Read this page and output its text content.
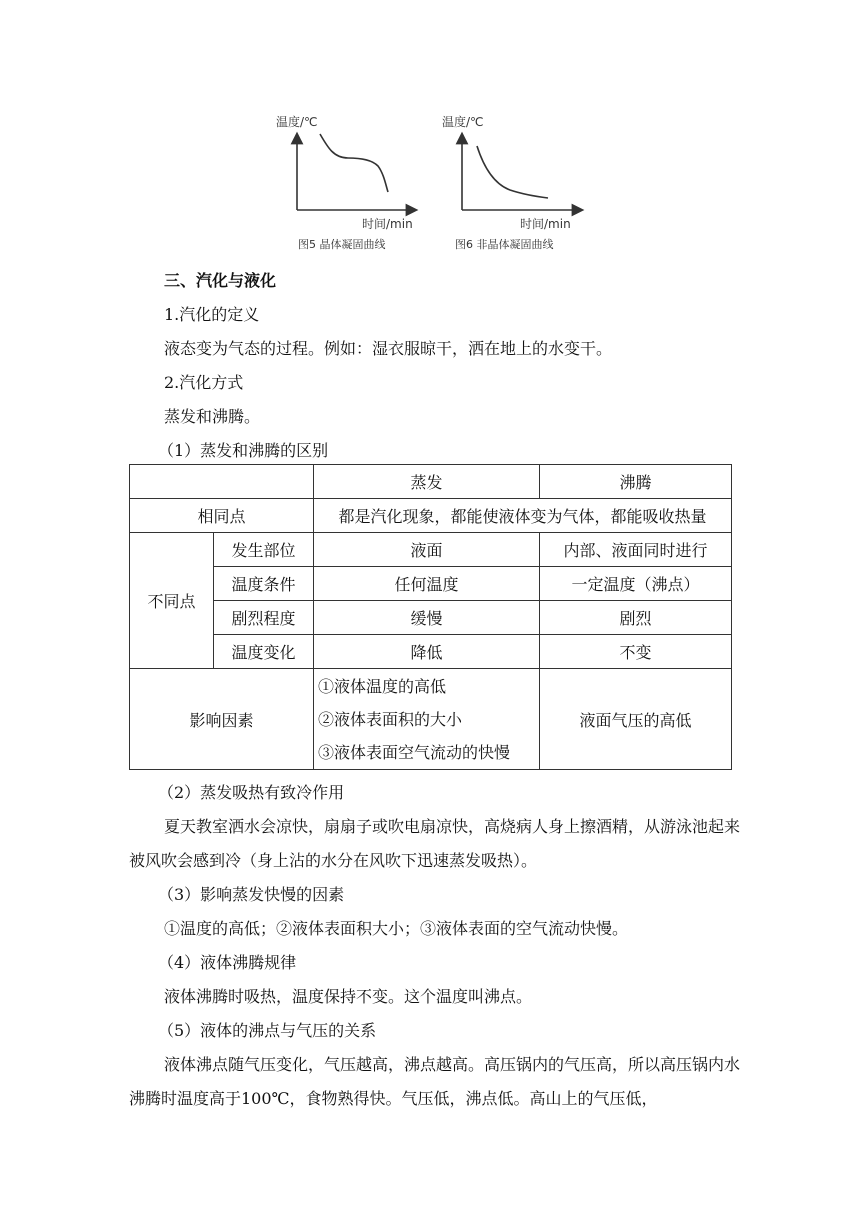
温度/℃
时间/min
图5 晶体凝固曲线
温度/℃
时间/min
图6 非晶体凝固曲线
三、汽化与液化
1.汽化的定义
液态变为气态的过程。例如：湿衣服晾干，洒在地上的水变干。
2.汽化方式
蒸发和沸腾。
（1）蒸发和沸腾的区别
		蒸发	沸腾
相同点		都是汽化现象，都能使液体变为气体，都能吸收热量	
不同点	发生部位	液面	内部、液面同时进行
	温度条件	任何温度	一定温度（沸点）
	剧烈程度	缓慢	剧烈
	温度变化	降低	不变
影响因素		①液体温度的高低
②液体表面积的大小
③液体表面空气流动的快慢	液面气压的高低
（2）蒸发吸热有致冷作用
夏天教室洒水会凉快，扇扇子或吹电扇凉快，高烧病人身上擦酒精，从游泳池起来被风吹会感到冷（身上沾的水分在风吹下迅速蒸发吸热）。
（3）影响蒸发快慢的因素
①温度的高低；②液体表面积大小；③液体表面的空气流动快慢。
（4）液体沸腾规律
液体沸腾时吸热，温度保持不变。这个温度叫沸点。
（5）液体的沸点与气压的关系
液体沸点随气压变化，气压越高，沸点越高。高压锅内的气压高，所以高压锅内水沸腾时温度高于100℃，食物熟得快。气压低，沸点低。高山上的气压低，
